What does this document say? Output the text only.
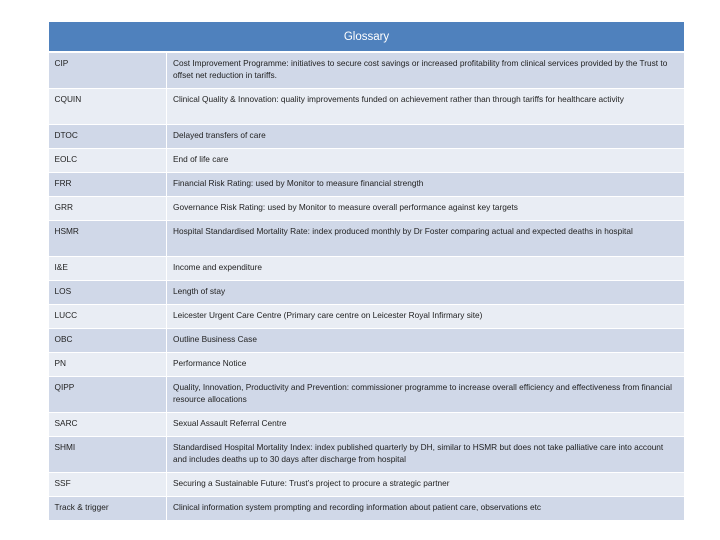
Glossary	
CIP	Cost Improvement Programme: initiatives to secure cost savings or increased profitability from clinical services provided by the Trust to offset net reduction in tariffs.
CQUIN	Clinical Quality & Innovation: quality improvements funded on achievement rather than through tariffs for healthcare activity
DTOC	Delayed transfers of care
EOLC	End of life care
FRR	Financial Risk Rating: used by Monitor to measure financial strength
GRR	Governance Risk Rating: used by Monitor to measure overall performance against key targets
HSMR	Hospital Standardised Mortality Rate: index produced monthly by Dr Foster comparing actual and expected deaths in hospital
I&E	Income and expenditure
LOS	Length of stay
LUCC	Leicester Urgent Care Centre (Primary care centre on Leicester Royal Infirmary site)
OBC	Outline Business Case
PN	Performance Notice
QIPP	Quality, Innovation, Productivity and Prevention: commissioner programme to increase overall efficiency and effectiveness from financial resource allocations
SARC	Sexual Assault Referral Centre
SHMI	Standardised Hospital Mortality Index: index published quarterly by DH, similar to HSMR but does not take palliative care into account and includes deaths up to 30 days after discharge from hospital
SSF	Securing a Sustainable Future: Trust’s project to procure a strategic partner
Track & trigger	Clinical information system prompting and recording information about patient care, observations etc
